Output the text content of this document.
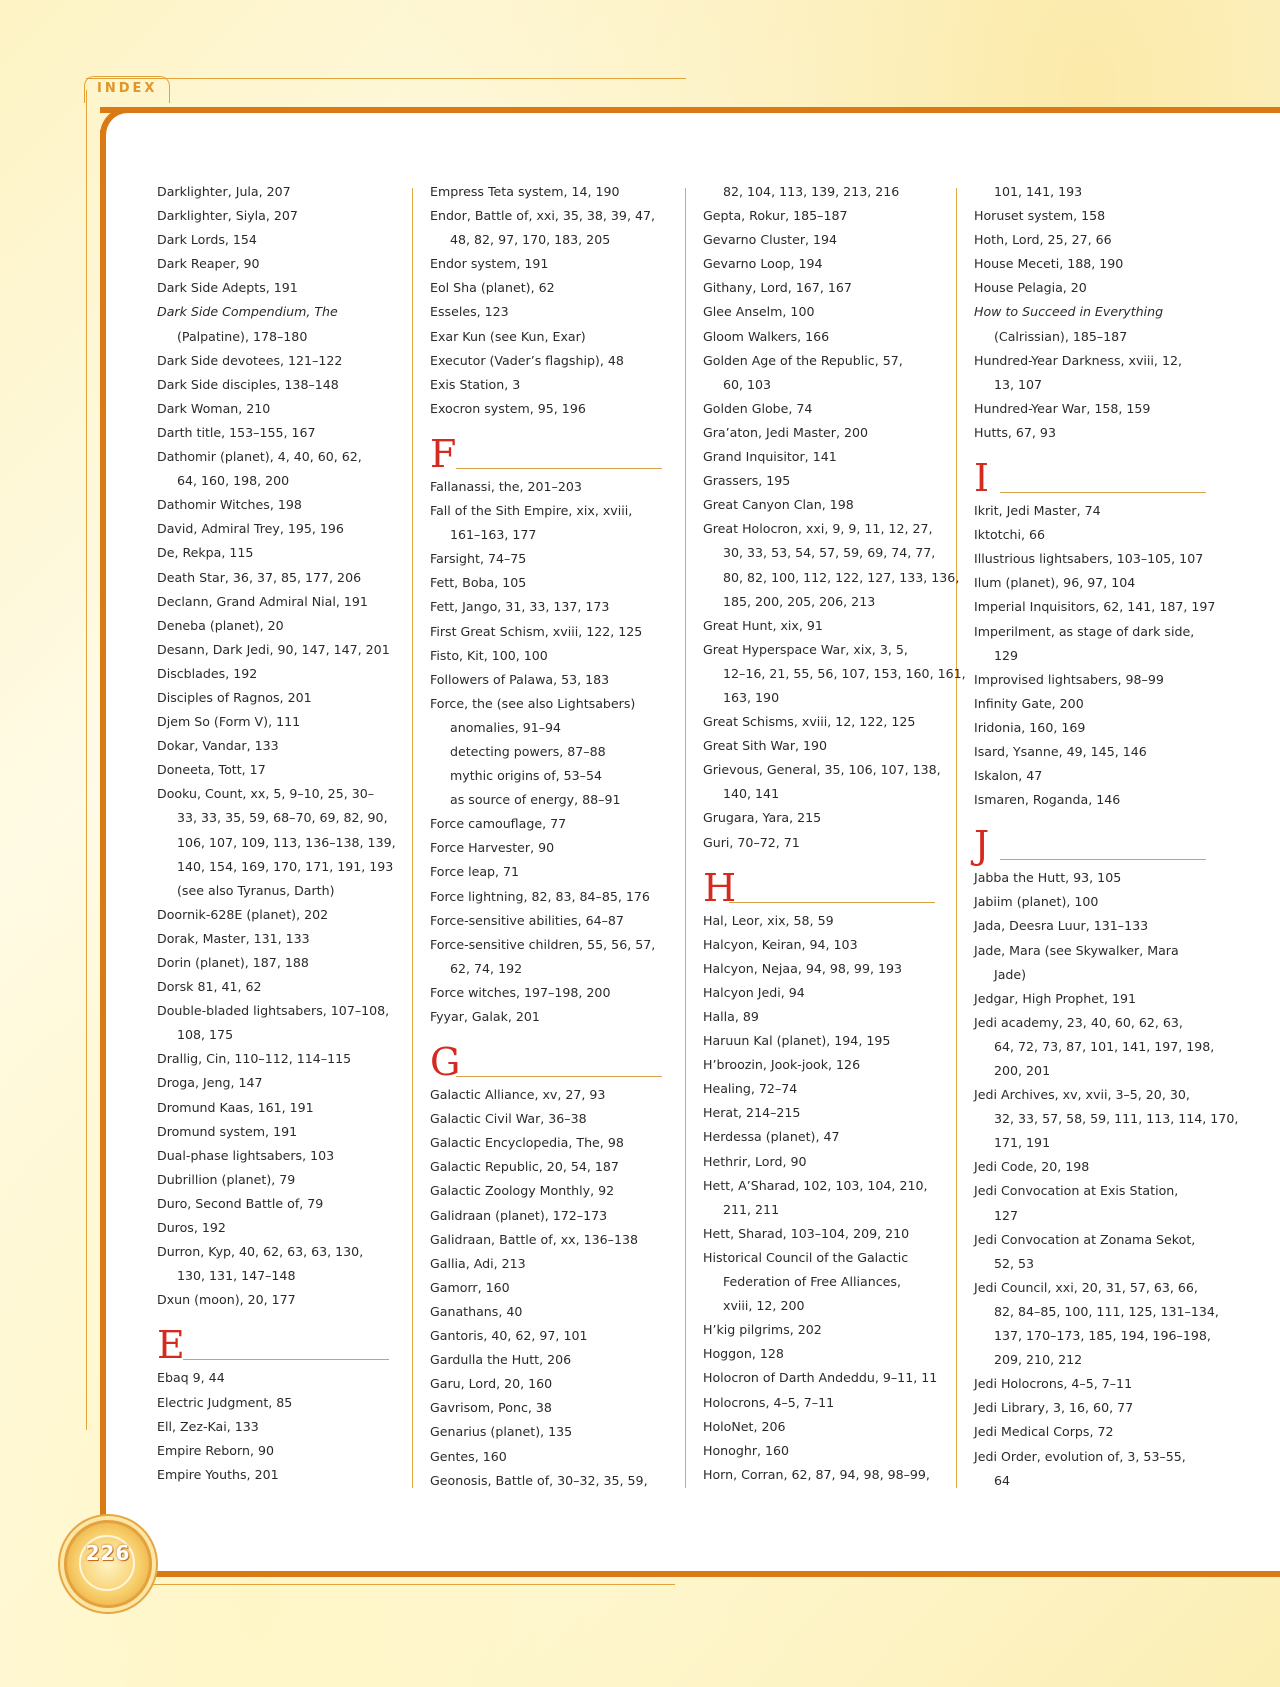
INDEX
Darklighter, Jula, 207
Darklighter, Siyla, 207
Dark Lords, 154
Dark Reaper, 90
Dark Side Adepts, 191
Dark Side Compendium, The
(Palpatine), 178–180
Dark Side devotees, 121–122
Dark Side disciples, 138–148
Dark Woman, 210
Darth title, 153–155, 167
Dathomir (planet), 4, 40, 60, 62,
64, 160, 198, 200
Dathomir Witches, 198
David, Admiral Trey, 195, 196
De, Rekpa, 115
Death Star, 36, 37, 85, 177, 206
Declann, Grand Admiral Nial, 191
Deneba (planet), 20
Desann, Dark Jedi, 90, 147, 147, 201
Discblades, 192
Disciples of Ragnos, 201
Djem So (Form V), 111
Dokar, Vandar, 133
Doneeta, Tott, 17
Dooku, Count, xx, 5, 9–10, 25, 30–
33, 33, 35, 59, 68–70, 69, 82, 90,
106, 107, 109, 113, 136–138, 139,
140, 154, 169, 170, 171, 191, 193
(see also Tyranus, Darth)
Doornik-628E (planet), 202
Dorak, Master, 131, 133
Dorin (planet), 187, 188
Dorsk 81, 41, 62
Double-bladed lightsabers, 107–108,
108, 175
Drallig, Cin, 110–112, 114–115
Droga, Jeng, 147
Dromund Kaas, 161, 191
Dromund system, 191
Dual-phase lightsabers, 103
Dubrillion (planet), 79
Duro, Second Battle of, 79
Duros, 192
Durron, Kyp, 40, 62, 63, 63, 130,
130, 131, 147–148
Dxun (moon), 20, 177
E
Ebaq 9, 44
Electric Judgment, 85
Ell, Zez-Kai, 133
Empire Reborn, 90
Empire Youths, 201
Empress Teta system, 14, 190
Endor, Battle of, xxi, 35, 38, 39, 47,
48, 82, 97, 170, 183, 205
Endor system, 191
Eol Sha (planet), 62
Esseles, 123
Exar Kun (see Kun, Exar)
Executor (Vader’s flagship), 48
Exis Station, 3
Exocron system, 95, 196
F
Fallanassi, the, 201–203
Fall of the Sith Empire, xix, xviii,
161–163, 177
Farsight, 74–75
Fett, Boba, 105
Fett, Jango, 31, 33, 137, 173
First Great Schism, xviii, 122, 125
Fisto, Kit, 100, 100
Followers of Palawa, 53, 183
Force, the (see also Lightsabers)
anomalies, 91–94
detecting powers, 87–88
mythic origins of, 53–54
as source of energy, 88–91
Force camouflage, 77
Force Harvester, 90
Force leap, 71
Force lightning, 82, 83, 84–85, 176
Force-sensitive abilities, 64–87
Force-sensitive children, 55, 56, 57,
62, 74, 192
Force witches, 197–198, 200
Fyyar, Galak, 201
G
Galactic Alliance, xv, 27, 93
Galactic Civil War, 36–38
Galactic Encyclopedia, The, 98
Galactic Republic, 20, 54, 187
Galactic Zoology Monthly, 92
Galidraan (planet), 172–173
Galidraan, Battle of, xx, 136–138
Gallia, Adi, 213
Gamorr, 160
Ganathans, 40
Gantoris, 40, 62, 97, 101
Gardulla the Hutt, 206
Garu, Lord, 20, 160
Gavrisom, Ponc, 38
Genarius (planet), 135
Gentes, 160
Geonosis, Battle of, 30–32, 35, 59,
82, 104, 113, 139, 213, 216
Gepta, Rokur, 185–187
Gevarno Cluster, 194
Gevarno Loop, 194
Githany, Lord, 167, 167
Glee Anselm, 100
Gloom Walkers, 166
Golden Age of the Republic, 57,
60, 103
Golden Globe, 74
Gra’aton, Jedi Master, 200
Grand Inquisitor, 141
Grassers, 195
Great Canyon Clan, 198
Great Holocron, xxi, 9, 9, 11, 12, 27,
30, 33, 53, 54, 57, 59, 69, 74, 77,
80, 82, 100, 112, 122, 127, 133, 136,
185, 200, 205, 206, 213
Great Hunt, xix, 91
Great Hyperspace War, xix, 3, 5,
12–16, 21, 55, 56, 107, 153, 160, 161,
163, 190
Great Schisms, xviii, 12, 122, 125
Great Sith War, 190
Grievous, General, 35, 106, 107, 138,
140, 141
Grugara, Yara, 215
Guri, 70–72, 71
H
Hal, Leor, xix, 58, 59
Halcyon, Keiran, 94, 103
Halcyon, Nejaa, 94, 98, 99, 193
Halcyon Jedi, 94
Halla, 89
Haruun Kal (planet), 194, 195
H’broozin, Jook-jook, 126
Healing, 72–74
Herat, 214–215
Herdessa (planet), 47
Hethrir, Lord, 90
Hett, A’Sharad, 102, 103, 104, 210,
211, 211
Hett, Sharad, 103–104, 209, 210
Historical Council of the Galactic
Federation of Free Alliances,
xviii, 12, 200
H’kig pilgrims, 202
Hoggon, 128
Holocron of Darth Andeddu, 9–11, 11
Holocrons, 4–5, 7–11
HoloNet, 206
Honoghr, 160
Horn, Corran, 62, 87, 94, 98, 98–99,
101, 141, 193
Horuset system, 158
Hoth, Lord, 25, 27, 66
House Meceti, 188, 190
House Pelagia, 20
How to Succeed in Everything
(Calrissian), 185–187
Hundred-Year Darkness, xviii, 12,
13, 107
Hundred-Year War, 158, 159
Hutts, 67, 93
I
Ikrit, Jedi Master, 74
Iktotchi, 66
Illustrious lightsabers, 103–105, 107
Ilum (planet), 96, 97, 104
Imperial Inquisitors, 62, 141, 187, 197
Imperilment, as stage of dark side,
129
Improvised lightsabers, 98–99
Infinity Gate, 200
Iridonia, 160, 169
Isard, Ysanne, 49, 145, 146
Iskalon, 47
Ismaren, Roganda, 146
J
Jabba the Hutt, 93, 105
Jabiim (planet), 100
Jada, Deesra Luur, 131–133
Jade, Mara (see Skywalker, Mara
Jade)
Jedgar, High Prophet, 191
Jedi academy, 23, 40, 60, 62, 63,
64, 72, 73, 87, 101, 141, 197, 198,
200, 201
Jedi Archives, xv, xvii, 3–5, 20, 30,
32, 33, 57, 58, 59, 111, 113, 114, 170,
171, 191
Jedi Code, 20, 198
Jedi Convocation at Exis Station,
127
Jedi Convocation at Zonama Sekot,
52, 53
Jedi Council, xxi, 20, 31, 57, 63, 66,
82, 84–85, 100, 111, 125, 131–134,
137, 170–173, 185, 194, 196–198,
209, 210, 212
Jedi Holocrons, 4–5, 7–11
Jedi Library, 3, 16, 60, 77
Jedi Medical Corps, 72
Jedi Order, evolution of, 3, 53–55,
64
226
